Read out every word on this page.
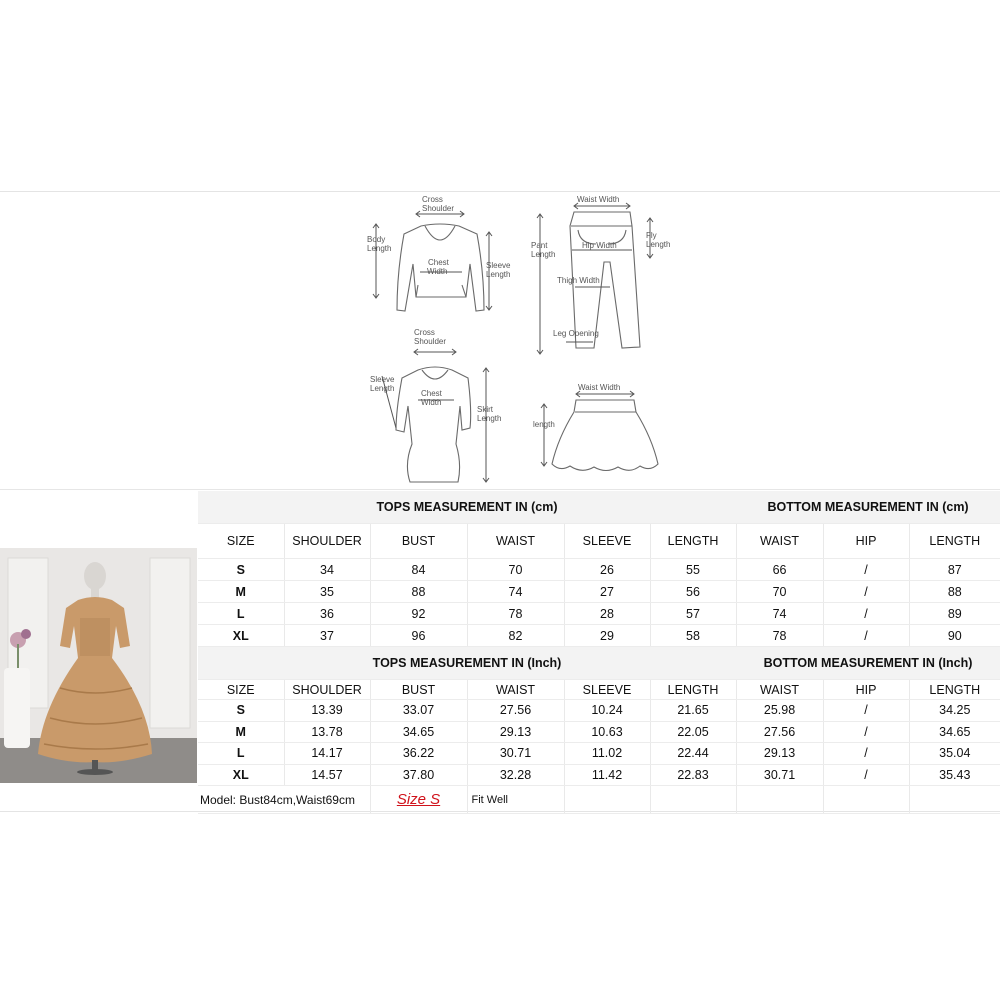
Cross Shoulder
Body Length
Chest Width
Sleeve Length
Waist Width
Pant Length
Hip Width
Fly Length
Thigh Width
Leg Opening
Cross Shoulder
Sleeve Length
Chest Width
Skirt Length
Waist Width
length
TOPS MEASUREMENT IN (cm)						BOTTOM MEASUREMENT IN (cm)		
SIZE	SHOULDER	BUST	WAIST	SLEEVE	LENGTH	WAIST	HIP	LENGTH
S	34	84	70	26	55	66	/	87
M	35	88	74	27	56	70	/	88
L	36	92	78	28	57	74	/	89
XL	37	96	82	29	58	78	/	90
TOPS MEASUREMENT IN (Inch)						BOTTOM MEASUREMENT IN (Inch)		
SIZE	SHOULDER	BUST	WAIST	SLEEVE	LENGTH	WAIST	HIP	LENGTH
S	13.39	33.07	27.56	10.24	21.65	25.98	/	34.25
M	13.78	34.65	29.13	10.63	22.05	27.56	/	34.65
L	14.17	36.22	30.71	11.02	22.44	29.13	/	35.04
XL	14.57	37.80	32.28	11.42	22.83	30.71	/	35.43
Model: Bust84cm,Waist69cm		Size S	Fit Well					
